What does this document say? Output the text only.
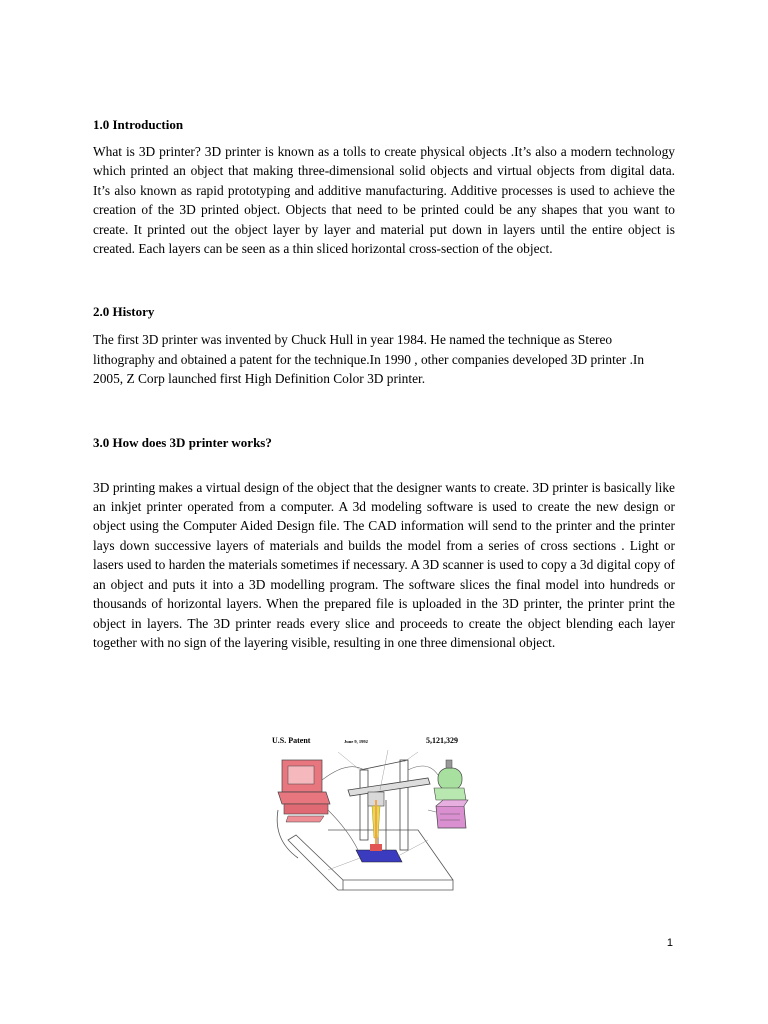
1.0 Introduction

What is 3D printer? 3D printer is known as a tolls to create physical objects .It’s also a modern technology which printed an object that making three-dimensional solid objects and virtual objects from digital data. It’s also known as rapid prototyping and additive manufacturing. Additive processes is used to achieve the creation of the 3D printed object. Objects that need to be printed could be any shapes that you want to create. It printed out the object layer by layer and material put down in layers until the entire object is created. Each layers can be seen as a thin sliced horizontal cross-section of the object.

2.0 History

The first 3D printer was invented by Chuck Hull in year 1984. He named the technique as Stereo lithography and obtained a patent for the technique.In 1990 , other companies developed 3D printer .In 2005, Z Corp launched first High Definition Color 3D printer.

3.0 How does 3D printer works?

3D printing makes a virtual design of the object that the designer wants to create. 3D printer is basically like an inkjet printer operated from a computer. A 3d modeling software is used to create the new design or object using the Computer Aided Design file. The CAD information will send to the printer and the printer lays down successive layers of materials and builds the model from a series of cross sections . Light or lasers used to harden the materials sometimes if necessary. A 3D scanner is used to copy a 3d digital copy of an object and puts it into a 3D modelling program. The software slices the final model into hundreds or thousands of horizontal layers. When the prepared file is uploaded in the 3D printer, the printer print the object in layers. The 3D printer reads every slice and proceeds to create the object blending each layer together with no sign of the layering visible, resulting in one three dimensional object.

U.S. Patent	June 9, 1992	5,121,329
1
